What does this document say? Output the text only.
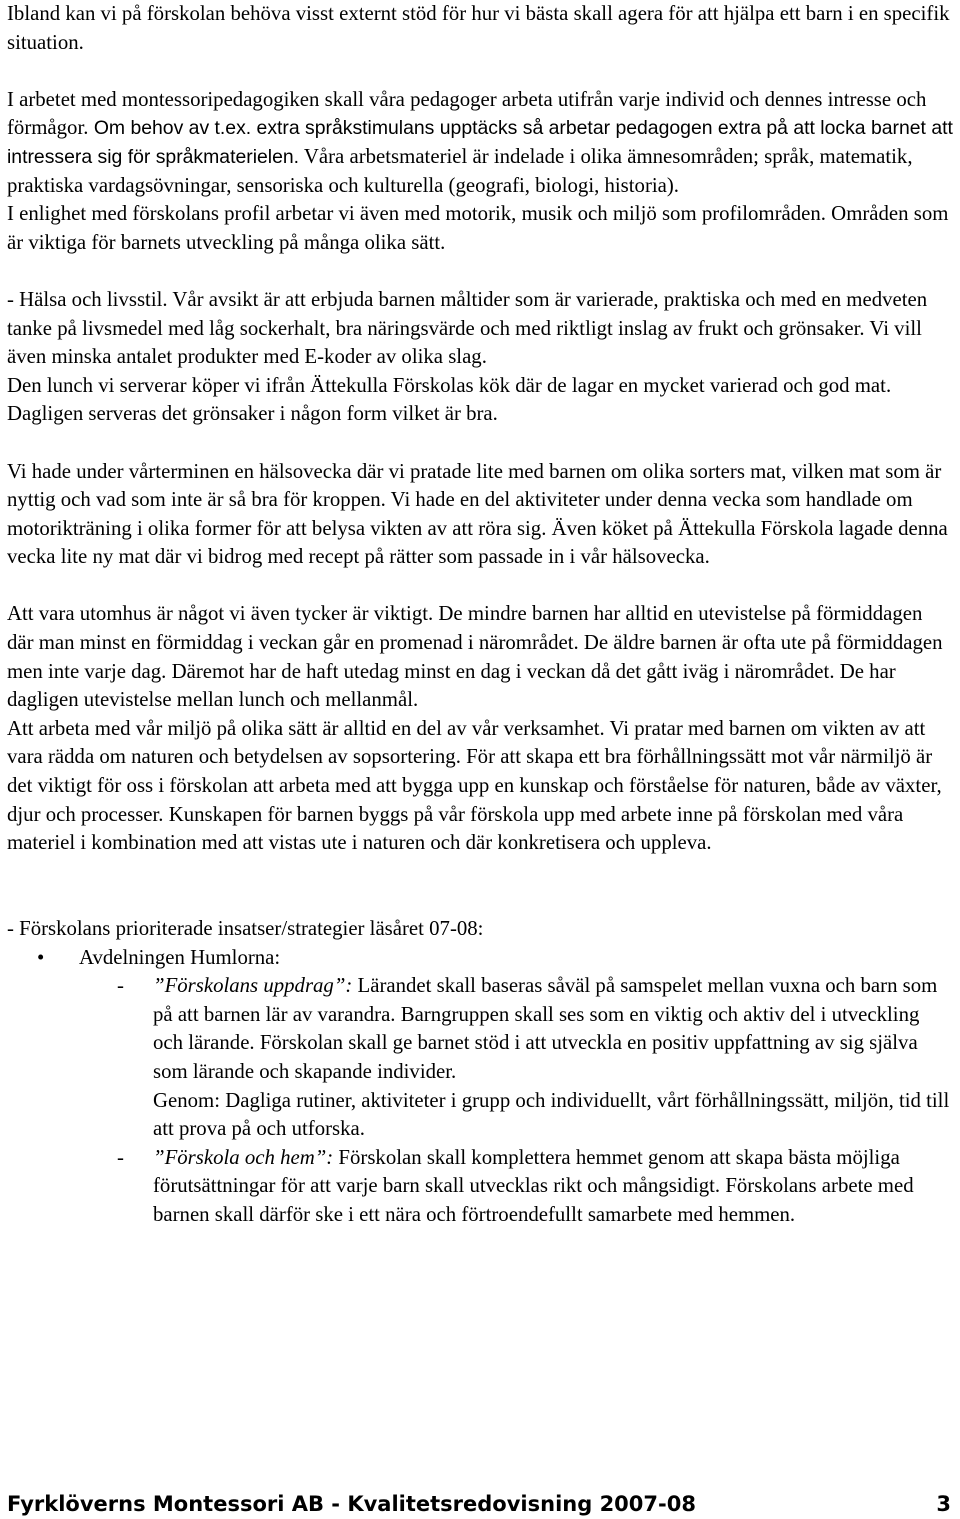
Ibland kan vi på förskolan behöva visst externt stöd för hur vi bästa skall agera för att hjälpa ett barn i en specifik situation.
I arbetet med montessoripedagogiken skall våra pedagoger arbeta utifrån varje individ och dennes intresse och förmågor. Om behov av t.ex. extra språkstimulans upptäcks så arbetar pedagogen extra på att locka barnet att intressera sig för språkmaterielen. Våra arbetsmateriel är indelade i olika ämnesområden; språk, matematik, praktiska vardagsövningar, sensoriska och kulturella (geografi, biologi, historia).
I enlighet med förskolans profil arbetar vi även med motorik, musik och miljö som profilområden. Områden som är viktiga för barnets utveckling på många olika sätt.
- Hälsa och livsstil. Vår avsikt är att erbjuda barnen måltider som är varierade, praktiska och med en medveten tanke på livsmedel med låg sockerhalt, bra näringsvärde och med riktligt inslag av frukt och grönsaker. Vi vill även minska antalet produkter med E-koder av olika slag.
Den lunch vi serverar köper vi ifrån Ättekulla Förskolas kök där de lagar en mycket varierad och god mat. Dagligen serveras det grönsaker i någon form vilket är bra.
Vi hade under vårterminen en hälsovecka där vi pratade lite med barnen om olika sorters mat, vilken mat som är nyttig och vad som inte är så bra för kroppen. Vi hade en del aktiviteter under denna vecka som handlade om motorikträning i olika former för att belysa vikten av att röra sig. Även köket på Ättekulla Förskola lagade denna vecka lite ny mat där vi bidrog med recept på rätter som passade in i vår hälsovecka.
Att vara utomhus är något vi även tycker är viktigt. De mindre barnen har alltid en utevistelse på förmiddagen där man minst en förmiddag i veckan går en promenad i närområdet. De äldre barnen är ofta ute på förmiddagen men inte varje dag. Däremot har de haft utedag minst en dag i veckan då det gått iväg i närområdet. De har dagligen utevistelse mellan lunch och mellanmål.
Att arbeta med vår miljö på olika sätt är alltid en del av vår verksamhet. Vi pratar med barnen om vikten av att vara rädda om naturen och betydelsen av sopsortering. För att skapa ett bra förhållningssätt mot vår närmiljö är det viktigt för oss i förskolan att arbeta med att bygga upp en kunskap och förståelse för naturen, både av växter, djur och processer. Kunskapen för barnen byggs på vår förskola upp med arbete inne på förskolan med våra materiel i kombination med att vistas ute i naturen och där konkretisera och uppleva.
- Förskolans prioriterade insatser/strategier läsåret 07-08:
• Avdelningen Humlorna:
- ”Förskolans uppdrag”: Lärandet skall baseras såväl på samspelet mellan vuxna och barn som på att barnen lär av varandra. Barngruppen skall ses som en viktig och aktiv del i utveckling och lärande. Förskolan skall ge barnet stöd i att utveckla en positiv uppfattning av sig själva som lärande och skapande individer.
Genom: Dagliga rutiner, aktiviteter i grupp och individuellt, vårt förhållningssätt, miljön, tid till att prova på och utforska.
- ”Förskola och hem”: Förskolan skall komplettera hemmet genom att skapa bästa möjliga förutsättningar för att varje barn skall utvecklas rikt och mångsidigt. Förskolans arbete med barnen skall därför ske i ett nära och förtroendefullt samarbete med hemmen.
Fyrklöverns Montessori AB - Kvalitetsredovisning 2007-08	3
